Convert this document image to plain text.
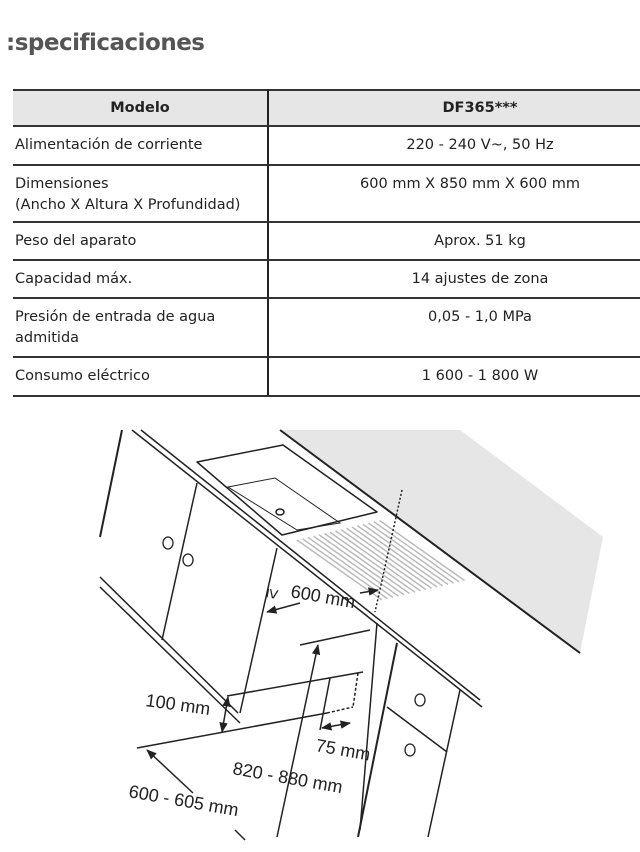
:specificaciones
Modelo	DF365***
Alimentación de corriente	220 - 240 V~, 50 Hz
Dimensiones
(Ancho X Altura X Profundidad)	600 mm X 850 mm X 600 mm
Peso del aparato	Aprox. 51 kg
Capacidad máx.	14 ajustes de zona
Presión de entrada de agua
admitida	0,05 - 1,0 MPa
Consumo eléctrico	1 600 - 1 800 W
≥ 600 mm
100 mm
75 mm
820 - 880 mm
600 - 605 mm
